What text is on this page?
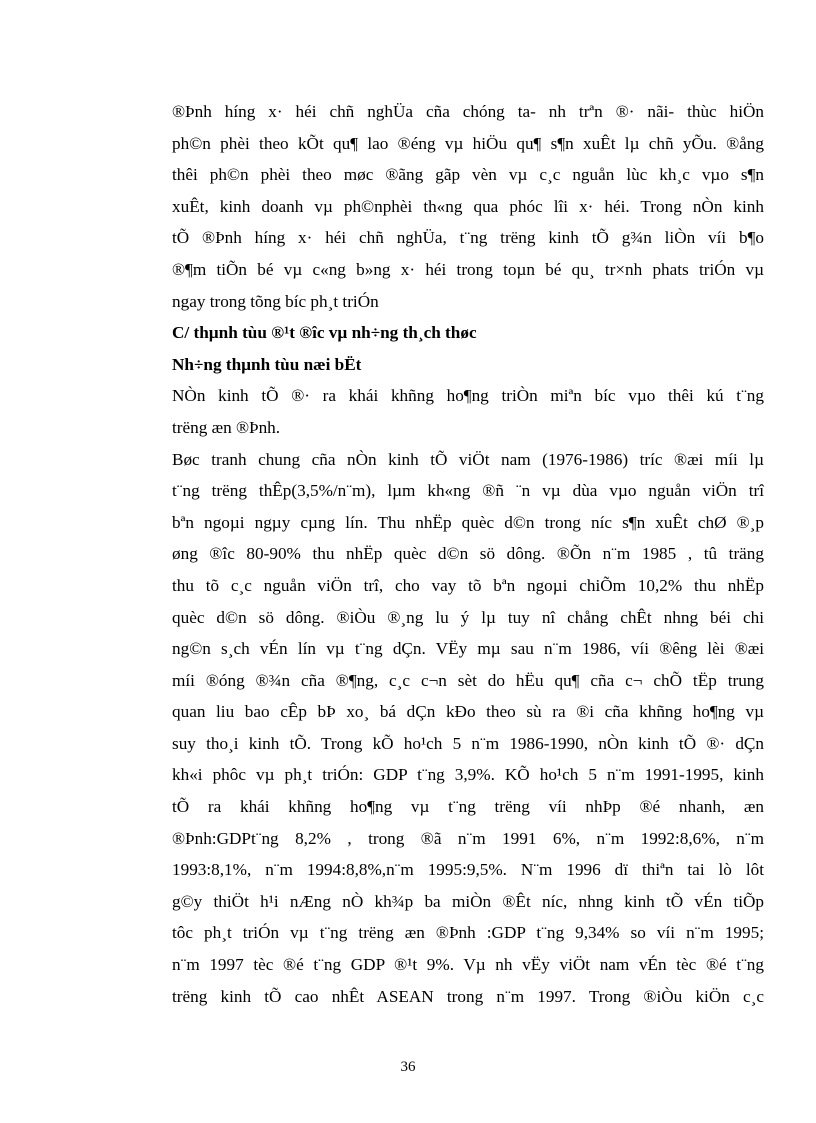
®Þnh híng x· héi chñ nghÜa cña chóng ta- nh trªn ®· nãi- thùc hiÖn
ph©n phèi theo kÕt qu¶ lao ®éng vµ hiÖu qu¶ s¶n xuÊt lµ chñ yÕu. ®ång
thêi ph©n phèi theo møc ®ãng gãp vèn vµ c¸c nguån lùc kh¸c vµo s¶n
xuÊt, kinh doanh vµ ph©nphèi th«ng qua phóc lîi x· héi. Trong nÒn kinh
tÕ ®Þnh híng x· héi chñ nghÜa, t¨ng trëng kinh tÕ g¾n liÒn víi b¶o
®¶m tiÕn bé vµ c«ng b»ng x· héi trong toµn bé qu¸ tr×nh phats triÓn vµ
ngay trong tõng bíc ph¸t triÓn
C/ thµnh tùu ®¹t ®îc vµ nh÷ng th¸ch thøc
Nh÷ng thµnh tùu næi bËt
NÒn kinh tÕ ®· ra khái khñng ho¶ng triÒn miªn bíc vµo thêi kú t¨ng
trëng æn ®Þnh.
Bøc tranh chung cña nÒn kinh tÕ viÖt nam (1976-1986) tríc ®æi míi lµ
t¨ng trëng thÊp(3,5%/n¨m), lµm kh«ng ®ñ ¨n vµ dùa vµo nguån viÖn trî
bªn ngoµi ngµy cµng lín. Thu nhËp quèc d©n trong níc s¶n xuÊt chØ ®¸p
øng ®îc 80-90% thu nhËp quèc d©n sö dông. ®Õn n¨m 1985 , tû träng
thu tõ c¸c nguån viÖn trî, cho vay tõ bªn ngoµi chiÕm 10,2% thu nhËp
quèc d©n sö dông. ®iÒu ®¸ng lu ý lµ tuy nî chång chÊt nhng béi chi
ng©n s¸ch vÉn lín vµ t¨ng dÇn. VËy mµ sau n¨m 1986, víi ®êng lèi ®æi
míi ®óng ®¾n cña ®¶ng, c¸c c¬n sèt do hËu qu¶ cña c¬ chÕ tËp trung
quan liu bao cÊp bÞ xo¸ bá dÇn kÐo theo sù ra ®i cña khñng ho¶ng vµ
suy tho¸i kinh tÕ. Trong kÕ ho¹ch 5 n¨m 1986-1990, nÒn kinh tÕ ®· dÇn
kh«i phôc vµ ph¸t triÓn: GDP t¨ng 3,9%. KÕ ho¹ch 5 n¨m 1991-1995, kinh
tÕ ra khái khñng ho¶ng vµ t¨ng trëng víi nhÞp ®é nhanh, æn
®Þnh:GDPt¨ng 8,2% , trong ®ã n¨m 1991 6%, n¨m 1992:8,6%, n¨m
1993:8,1%, n¨m 1994:8,8%,n¨m 1995:9,5%. N¨m 1996 dï thiªn tai lò lôt
g©y thiÖt h¹i nÆng nÒ kh¾p ba miÒn ®Êt níc, nhng kinh tÕ vÉn tiÕp
tôc ph¸t triÓn vµ t¨ng trëng æn ®Þnh :GDP t¨ng 9,34% so víi n¨m 1995;
n¨m 1997 tèc ®é t¨ng GDP ®¹t 9%. Vµ nh vËy viÖt nam vÉn tèc ®é t¨ng
trëng kinh tÕ cao nhÊt ASEAN trong n¨m 1997. Trong ®iÒu kiÖn c¸c
36
